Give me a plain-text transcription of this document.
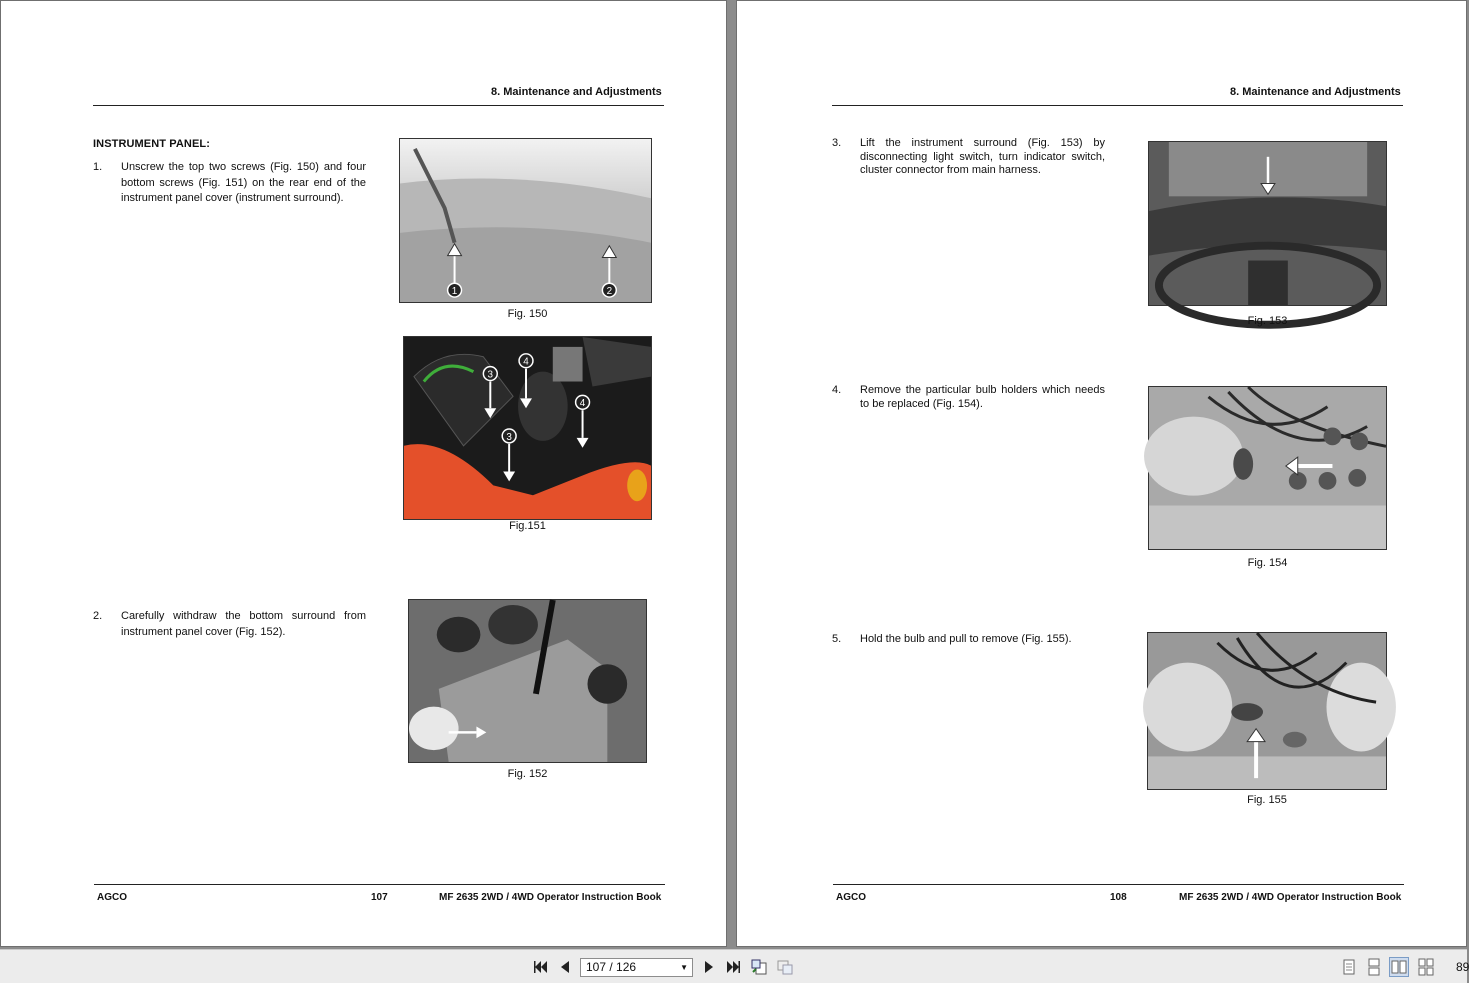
8. Maintenance and Adjustments
INSTRUMENT PANEL:
1. Unscrew the top two screws (Fig. 150) and four bottom screws (Fig. 151) on the rear end of the instrument panel cover (instrument surround).
2. Carefully withdraw the bottom surround from instrument panel cover (Fig. 152).
1	2
Fig. 150
3
4
4
3
Fig.151
Fig. 152
AGCO	107	MF 2635 2WD / 4WD Operator Instruction Book
8. Maintenance and Adjustments
3. Lift the instrument surround (Fig. 153) by disconnecting light switch, turn indicator switch, cluster connector from main harness.
4. Remove the particular bulb holders which needs to be replaced (Fig. 154).
5. Hold the bulb and pull to remove (Fig. 155).
Fig. 153
Fig. 154
Fig. 155
AGCO	108	MF 2635 2WD / 4WD Operator Instruction Book
107 / 126	▼	89
